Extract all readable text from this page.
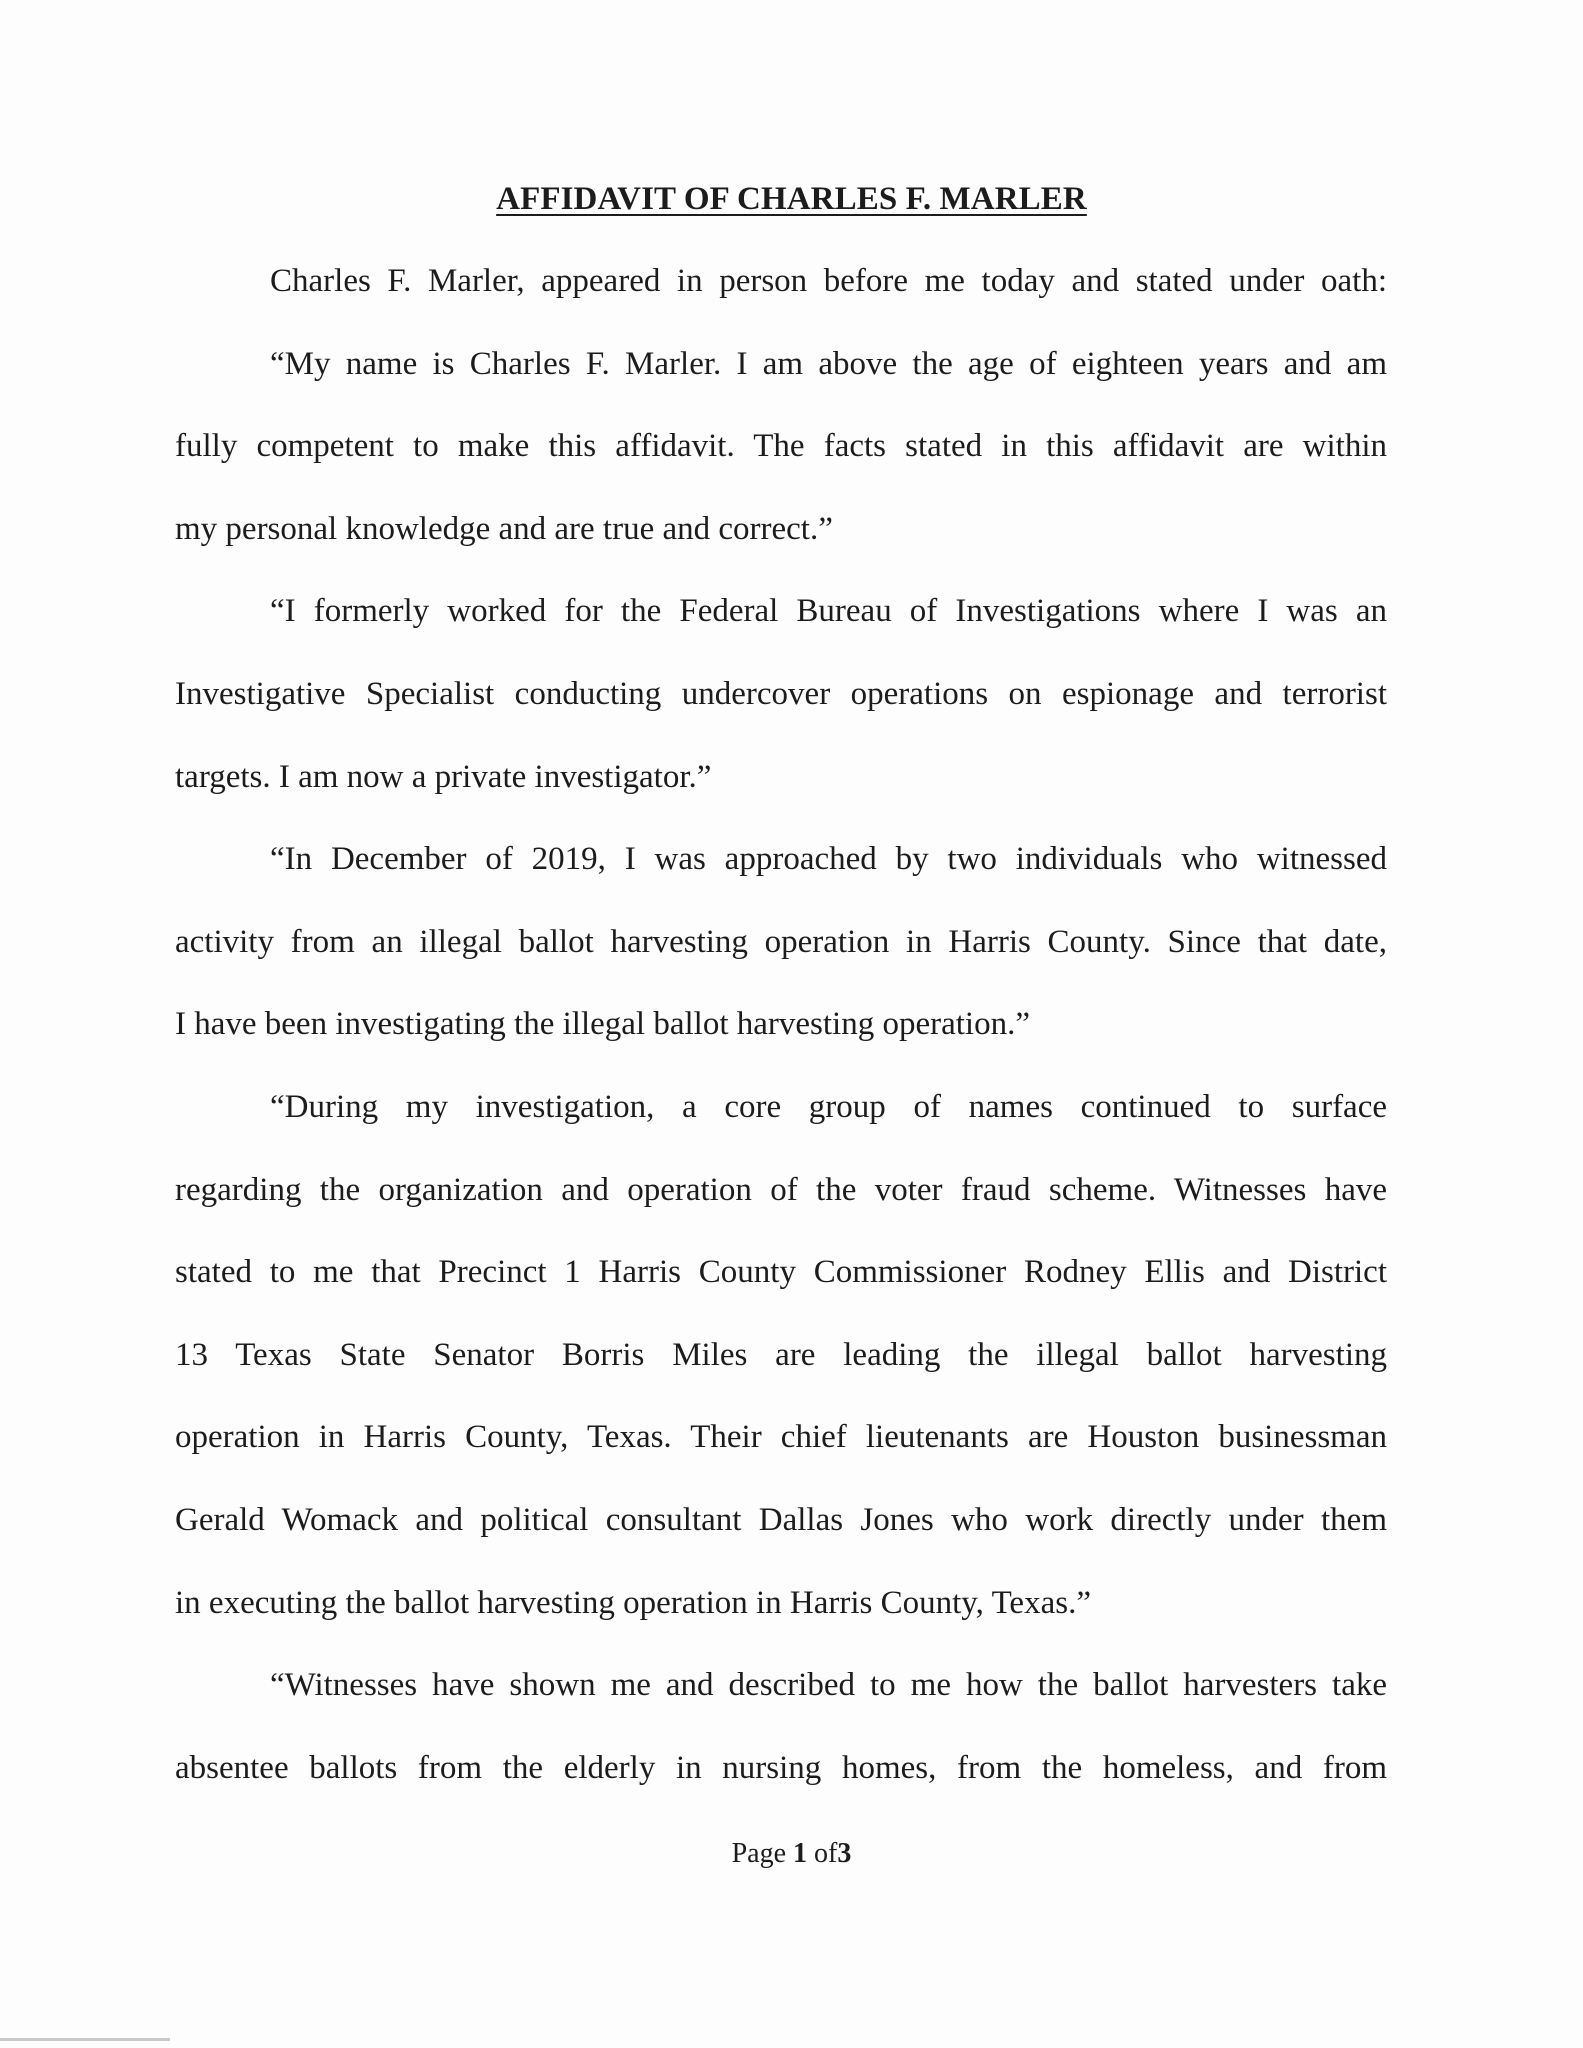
AFFIDAVIT OF CHARLES F. MARLER
Charles F. Marler, appeared in person before me today and stated under oath:
“My name is Charles F. Marler. I am above the age of eighteen years and am
fully competent to make this affidavit. The facts stated in this affidavit are within
my personal knowledge and are true and correct.”
“I formerly worked for the Federal Bureau of Investigations where I was an
Investigative Specialist conducting undercover operations on espionage and terrorist
targets. I am now a private investigator.”
“In December of 2019, I was approached by two individuals who witnessed
activity from an illegal ballot harvesting operation in Harris County. Since that date,
I have been investigating the illegal ballot harvesting operation.”
“During my investigation, a core group of names continued to surface
regarding the organization and operation of the voter fraud scheme. Witnesses have
stated to me that Precinct 1 Harris County Commissioner Rodney Ellis and District
13 Texas State Senator Borris Miles are leading the illegal ballot harvesting
operation in Harris County, Texas. Their chief lieutenants are Houston businessman
Gerald Womack and political consultant Dallas Jones who work directly under them
in executing the ballot harvesting operation in Harris County, Texas.”
“Witnesses have shown me and described to me how the ballot harvesters take
absentee ballots from the elderly in nursing homes, from the homeless, and from
Page 1 of3
